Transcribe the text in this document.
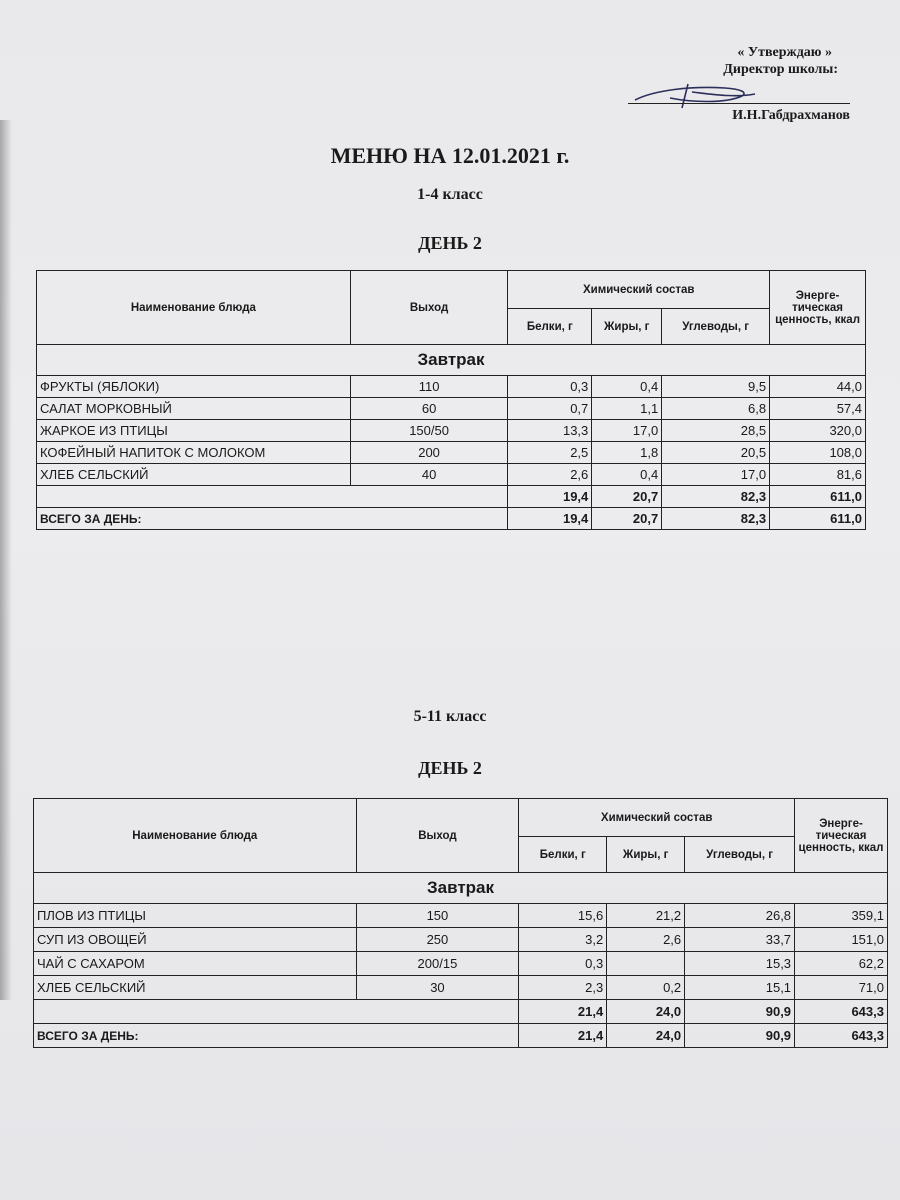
« Утверждаю »
Директор школы:
И.Н.Габдрахманов
МЕНЮ НА 12.01.2021 г.
1-4 класс
ДЕНЬ 2
Наименование блюда	Выход	Химический состав			Энерге-тическая ценность, ккал
		Белки, г	Жиры, г	Углеводы, г	
Завтрак					
ФРУКТЫ (ЯБЛОКИ)	110	0,3	0,4	9,5	44,0
САЛАТ МОРКОВНЫЙ	60	0,7	1,1	6,8	57,4
ЖАРКОЕ ИЗ ПТИЦЫ	150/50	13,3	17,0	28,5	320,0
КОФЕЙНЫЙ НАПИТОК С МОЛОКОМ	200	2,5	1,8	20,5	108,0
ХЛЕБ СЕЛЬСКИЙ	40	2,6	0,4	17,0	81,6
		19,4	20,7	82,3	611,0
ВСЕГО ЗА ДЕНЬ:		19,4	20,7	82,3	611,0
5-11 класс
ДЕНЬ 2
Наименование блюда	Выход	Химический состав			Энерге-тическая ценность, ккал
		Белки, г	Жиры, г	Углеводы, г	
Завтрак					
ПЛОВ ИЗ ПТИЦЫ	150	15,6	21,2	26,8	359,1
СУП ИЗ ОВОЩЕЙ	250	3,2	2,6	33,7	151,0
ЧАЙ С САХАРОМ	200/15	0,3		15,3	62,2
ХЛЕБ СЕЛЬСКИЙ	30	2,3	0,2	15,1	71,0
		21,4	24,0	90,9	643,3
ВСЕГО ЗА ДЕНЬ:		21,4	24,0	90,9	643,3
